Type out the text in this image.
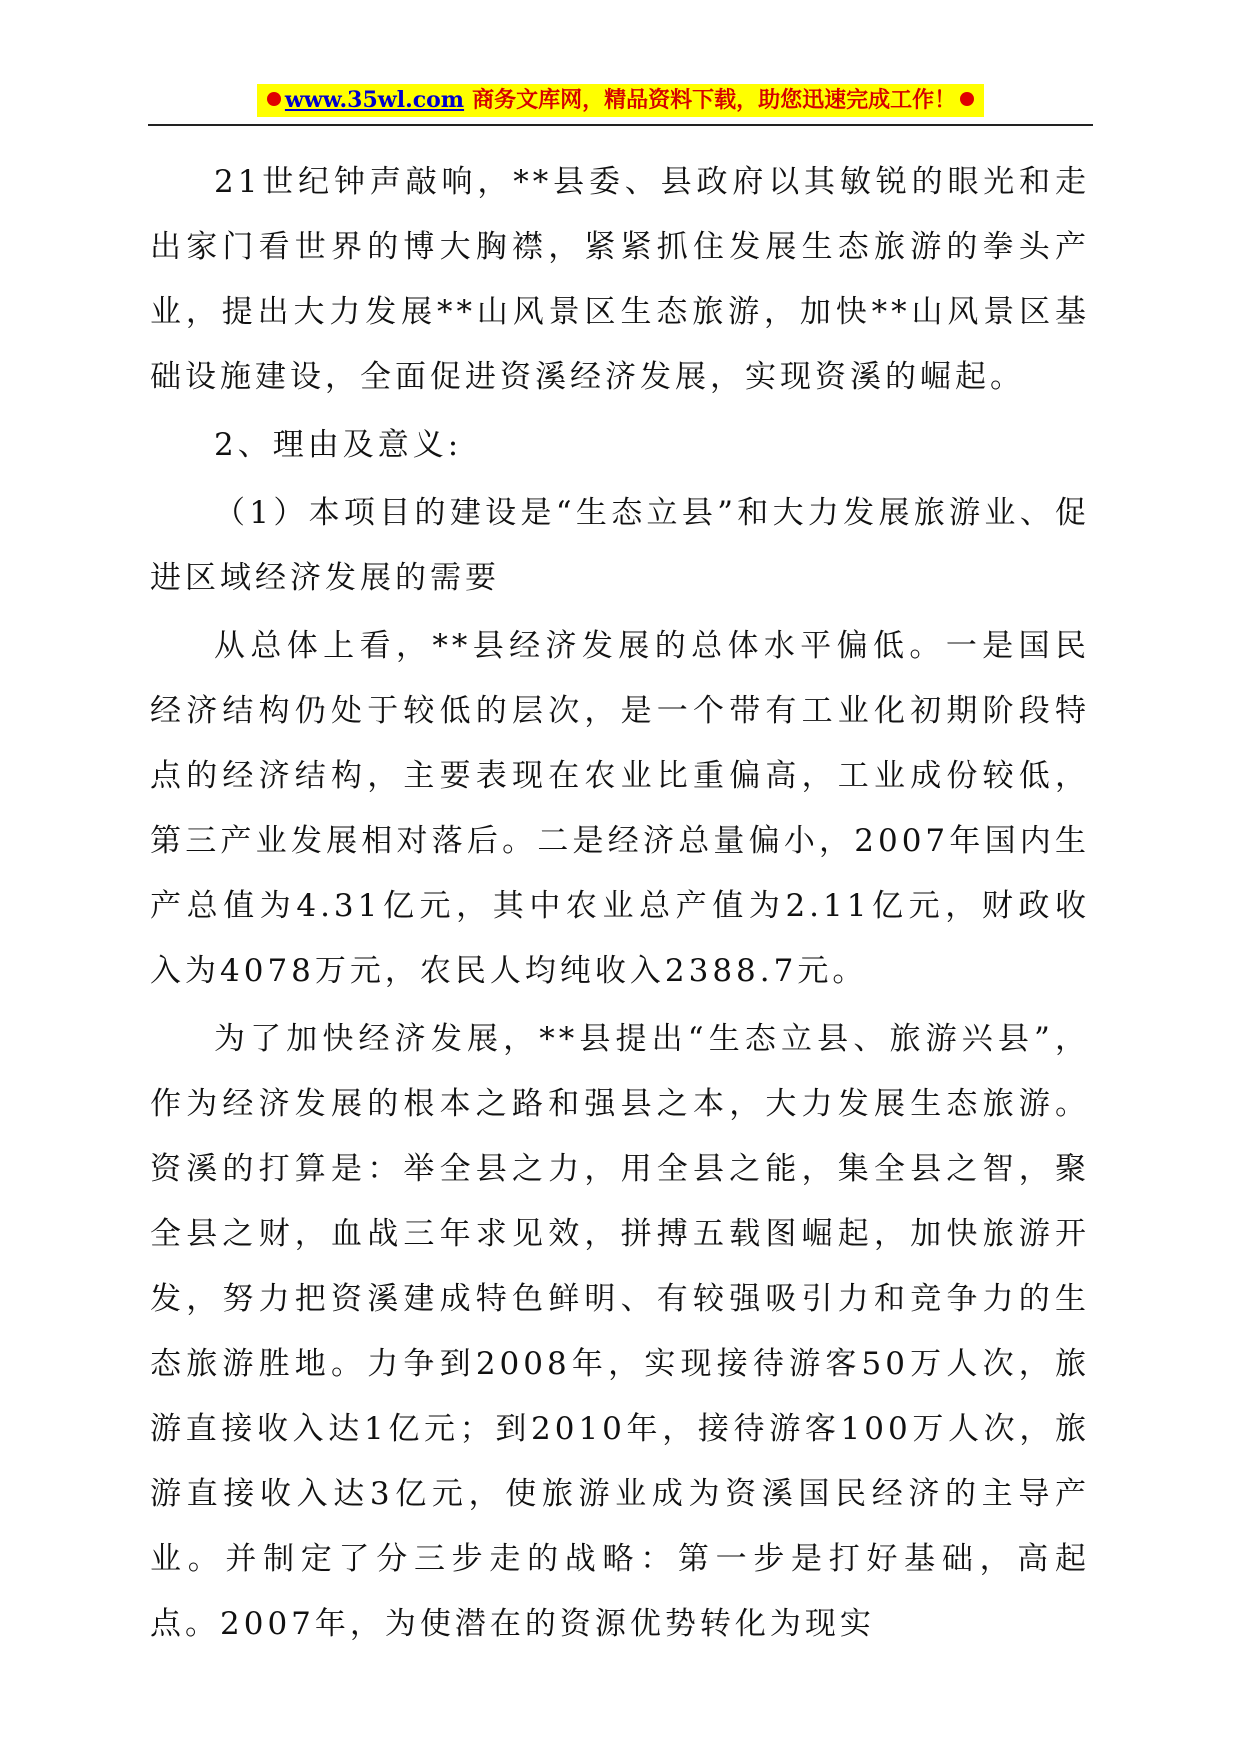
www.35wl.com 商务文库网，精品资料下载，助您迅速完成工作！

21世纪钟声敲响，**县委、县政府以其敏锐的眼光和走出家门看世界的博大胸襟，紧紧抓住发展生态旅游的拳头产业，提出大力发展**山风景区生态旅游，加快**山风景区基础设施建设，全面促进资溪经济发展，实现资溪的崛起。

2、理由及意义:

（1）本项目的建设是“生态立县”和大力发展旅游业、促进区域经济发展的需要

从总体上看，**县经济发展的总体水平偏低。一是国民经济结构仍处于较低的层次，是一个带有工业化初期阶段特点的经济结构，主要表现在农业比重偏高，工业成份较低，第三产业发展相对落后。二是经济总量偏小，2007年国内生产总值为4.31亿元，其中农业总产值为2.11亿元，财政收入为4078万元，农民人均纯收入2388.7元。

为了加快经济发展，**县提出“生态立县、旅游兴县”，作为经济发展的根本之路和强县之本，大力发展生态旅游。资溪的打算是：举全县之力，用全县之能，集全县之智，聚全县之财，血战三年求见效，拼搏五载图崛起，加快旅游开发，努力把资溪建成特色鲜明、有较强吸引力和竞争力的生态旅游胜地。力争到2008年，实现接待游客50万人次，旅游直接收入达1亿元；到2010年，接待游客100万人次，旅游直接收入达3亿元，使旅游业成为资溪国民经济的主导产业。并制定了分三步走的战略：第一步是打好基础，高起点。2007年，为使潜在的资源优势转化为现实
